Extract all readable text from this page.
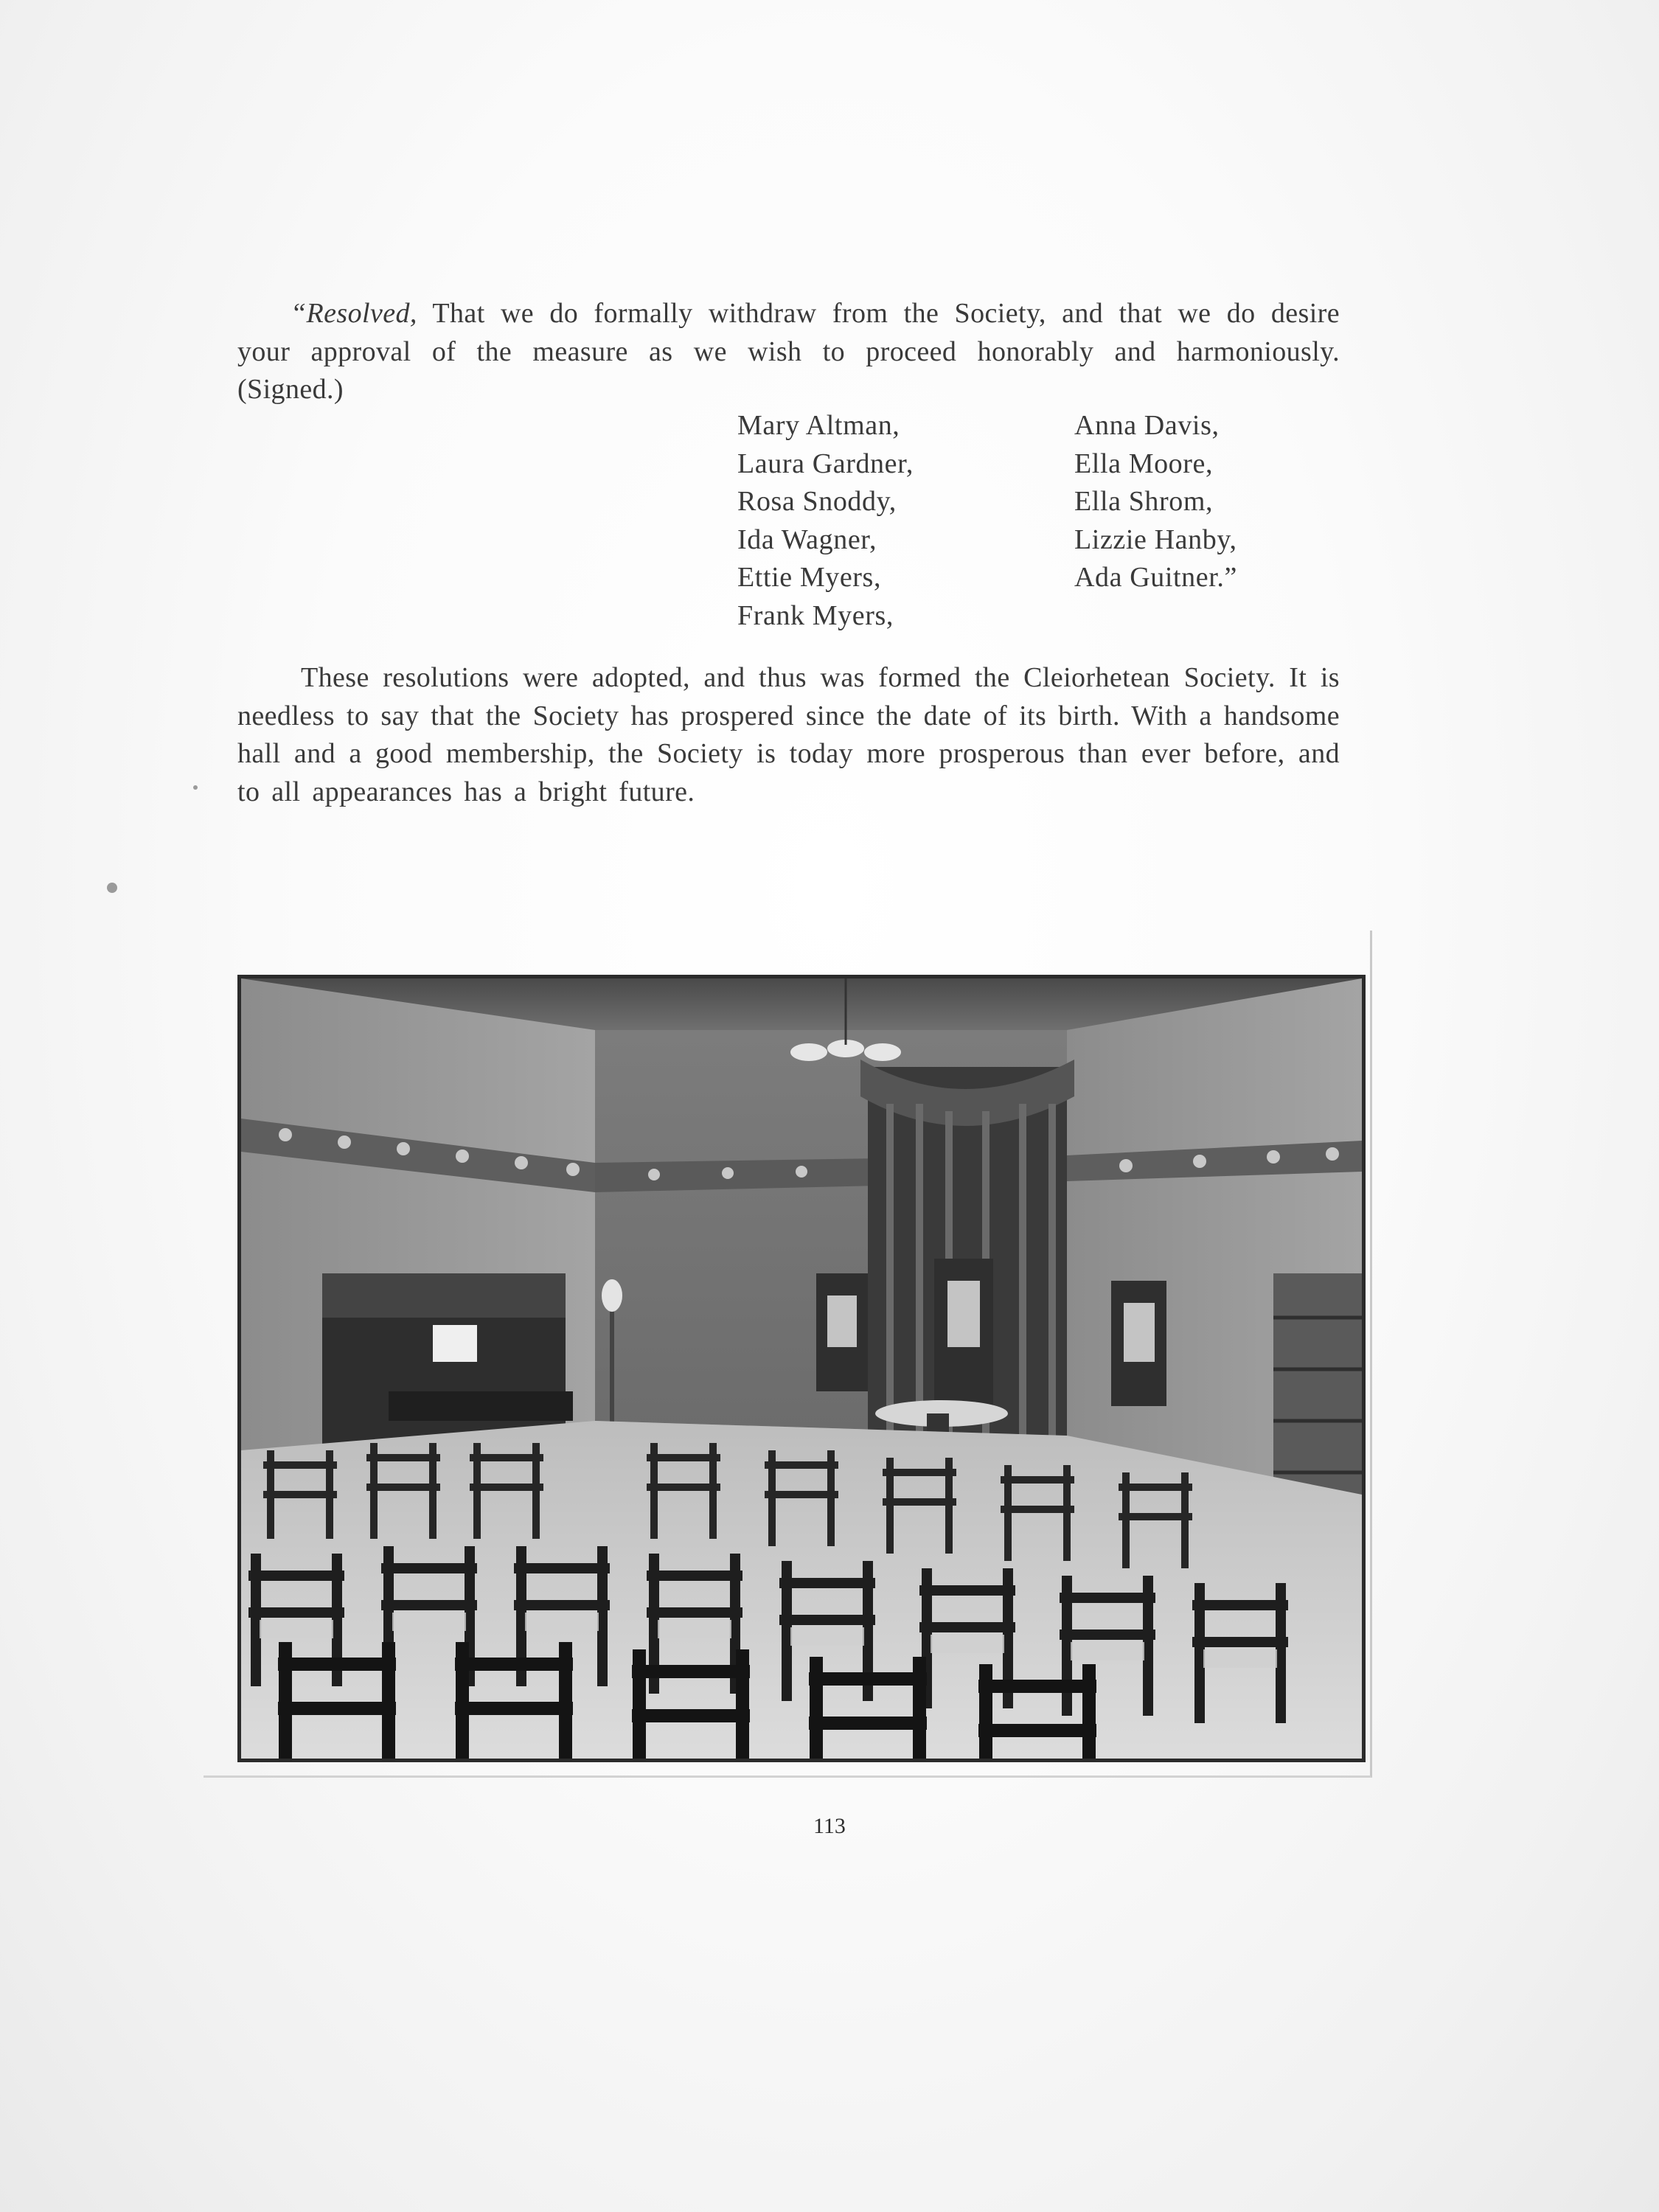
“Resolved, That we do formally withdraw from the Society, and that we do desire your approval of the measure as we wish to proceed honorably and harmoniously. (Signed.)

Mary Altman,
Laura Gardner,
Rosa Snoddy,
Ida Wagner,
Ettie Myers,
Frank Myers,
Anna Davis,
Ella Moore,
Ella Shrom,
Lizzie Hanby,
Ada Guitner.”

These resolutions were adopted, and thus was formed the Cleiorhetean Society. It is needless to say that the Society has prospered since the date of its birth. With a handsome hall and a good membership, the Society is today more prosperous than ever before, and to all appearances has a bright future.

113
